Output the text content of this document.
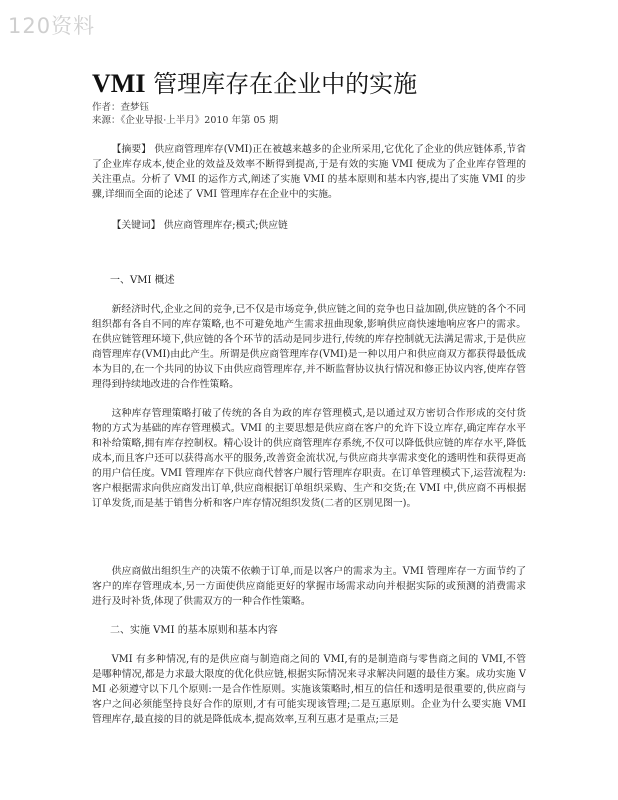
120资料
VMI 管理库存在企业中的实施
作者：查梦钰
来源：《企业导报·上半月》2010 年第 05 期

【摘要】 供应商管理库存(VMI)正在被越来越多的企业所采用,它优化了企业的供应链体系,节省了企业库存成本,使企业的效益及效率不断得到提高,于是有效的实施 VMI 便成为了企业库存管理的关注重点。分析了 VMI 的运作方式,阐述了实施 VMI 的基本原则和基本内容,提出了实施 VMI 的步骤,详细而全面的论述了 VMI 管理库存在企业中的实施。

【关键词】 供应商管理库存;模式;供应链

一、VMI 概述

新经济时代,企业之间的竞争,已不仅是市场竞争,供应链之间的竞争也日益加剧,供应链的各个不同组织都有各自不同的库存策略,也不可避免地产生需求扭曲现象,影响供应商快速地响应客户的需求。在供应链管理环境下,供应链的各个环节的活动是同步进行,传统的库存控制就无法满足需求,于是供应商管理库存(VMI)由此产生。所谓是供应商管理库存(VMI)是一种以用户和供应商双方都获得最低成本为目的,在一个共同的协议下由供应商管理库存,并不断监督协议执行情况和修正协议内容,使库存管理得到持续地改进的合作性策略。

这种库存管理策略打破了传统的各自为政的库存管理模式,是以通过双方密切合作形成的交付货物的方式为基础的库存管理模式。VMI 的主要思想是供应商在客户的允许下设立库存,确定库存水平和补给策略,拥有库存控制权。精心设计的供应商管理库存系统,不仅可以降低供应链的库存水平,降低成本,而且客户还可以获得高水平的服务,改善资金流状况,与供应商共享需求变化的透明性和获得更高的用户信任度。VMI 管理库存下供应商代替客户履行管理库存职责。在订单管理模式下,运营流程为:客户根据需求向供应商发出订单,供应商根据订单组织采购、生产和交货;在 VMI 中,供应商不再根据订单发货,而是基于销售分析和客户库存情况组织发货(二者的区别见图一)。

供应商做出组织生产的决策不依赖于订单,而是以客户的需求为主。VMI 管理库存一方面节约了客户的库存管理成本,另一方面使供应商能更好的掌握市场需求动向并根据实际的或预测的消费需求进行及时补货,体现了供需双方的一种合作性策略。

二、实施 VMI 的基本原则和基本内容

VMI 有多种情况,有的是供应商与制造商之间的 VMI,有的是制造商与零售商之间的 VMI,不管是哪种情况,都是力求最大限度的优化供应链,根据实际情况来寻求解决问题的最佳方案。成功实施 VMI 必须遵守以下几个原则:一是合作性原则。实施该策略时,相互的信任和透明是很重要的,供应商与客户之间必须能坚持良好合作的原则,才有可能实现该管理;二是互惠原则。企业为什么要实施 VMI 管理库存,最直接的目的就是降低成本,提高效率,互利互惠才是重点;三是
